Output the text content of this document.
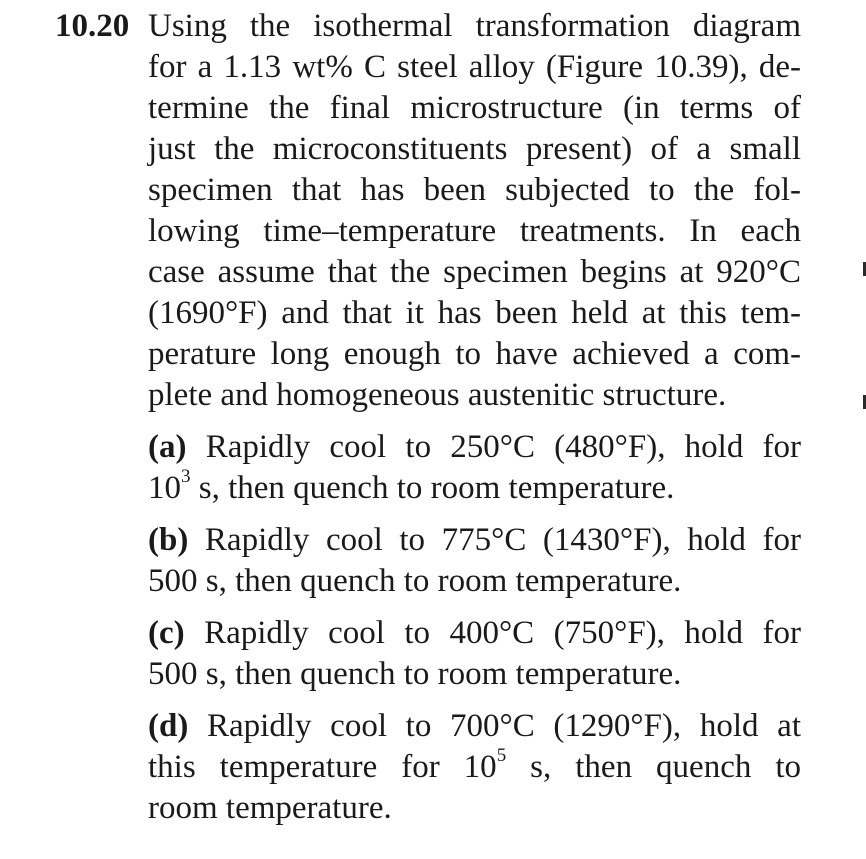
10.20 Using the isothermal transformation diagram
for a 1.13 wt% C steel alloy (Figure 10.39), de-
termine the final microstructure (in terms of
just the microconstituents present) of a small
specimen that has been subjected to the fol-
lowing time–temperature treatments. In each
case assume that the specimen begins at 920°C
(1690°F) and that it has been held at this tem-
perature long enough to have achieved a com-
plete and homogeneous austenitic structure.
(a) Rapidly cool to 250°C (480°F), hold for
$10^3$ s, then quench to room temperature.
(b) Rapidly cool to 775°C (1430°F), hold for
500 s, then quench to room temperature.
(c) Rapidly cool to 400°C (750°F), hold for
500 s, then quench to room temperature.
(d) Rapidly cool to 700°C (1290°F), hold at
this temperature for $10^5$ s, then quench to
room temperature.
